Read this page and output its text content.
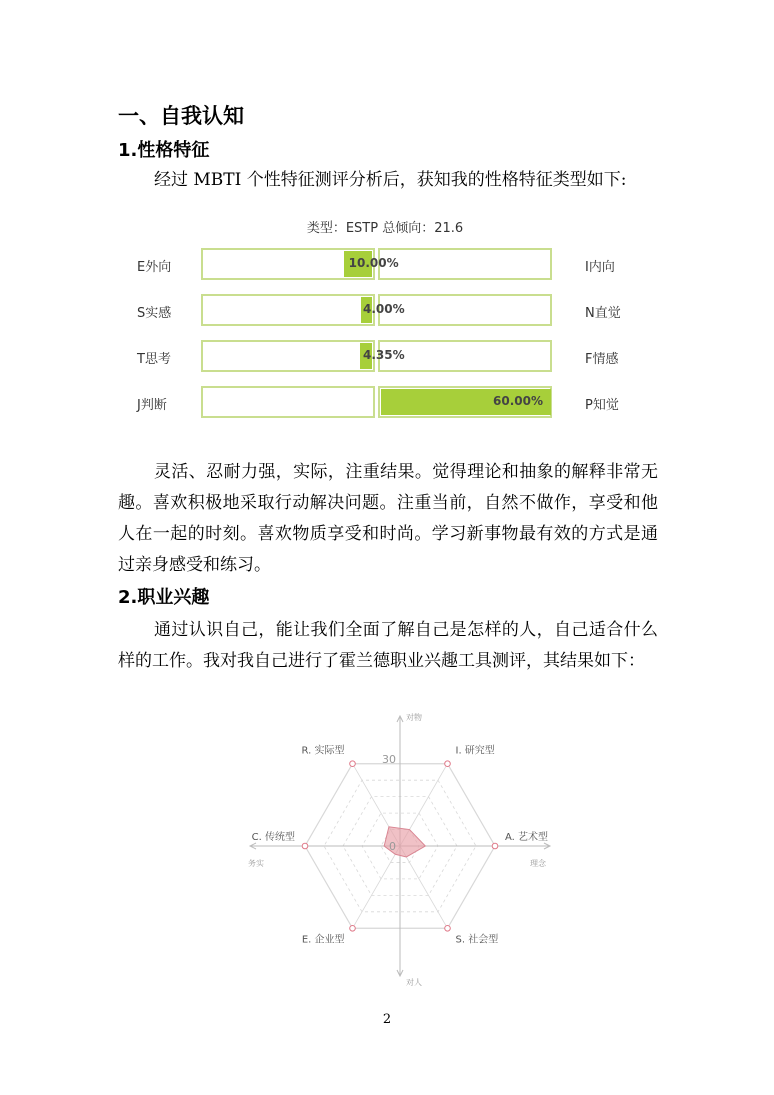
一、自我认知
1.性格特征

经过 MBTI 个性特征测评分析后，获知我的性格特征类型如下:

类型：ESTP 总倾向：21.6
E外向	I内向
10.00%
S实感	N直觉
4.00%
T思考	F情感
4.35%
J判断	P知觉
60.00%

灵活、忍耐力强，实际，注重结果。觉得理论和抽象的解释非常无趣。喜欢积极地采取行动解决问题。注重当前，自然不做作，享受和他人在一起的时刻。喜欢物质享受和时尚。学习新事物最有效的方式是通过亲身感受和练习。

2.职业兴趣

通过认识自己，能让我们全面了解自己是怎样的人，自己适合什么样的工作。我对我自己进行了霍兰德职业兴趣工具测评，其结果如下：

I. 研究型
A. 艺术型
S. 社会型
E. 企业型
C. 传统型
R. 实际型
0
30
对物
对人
务实	理念
2
